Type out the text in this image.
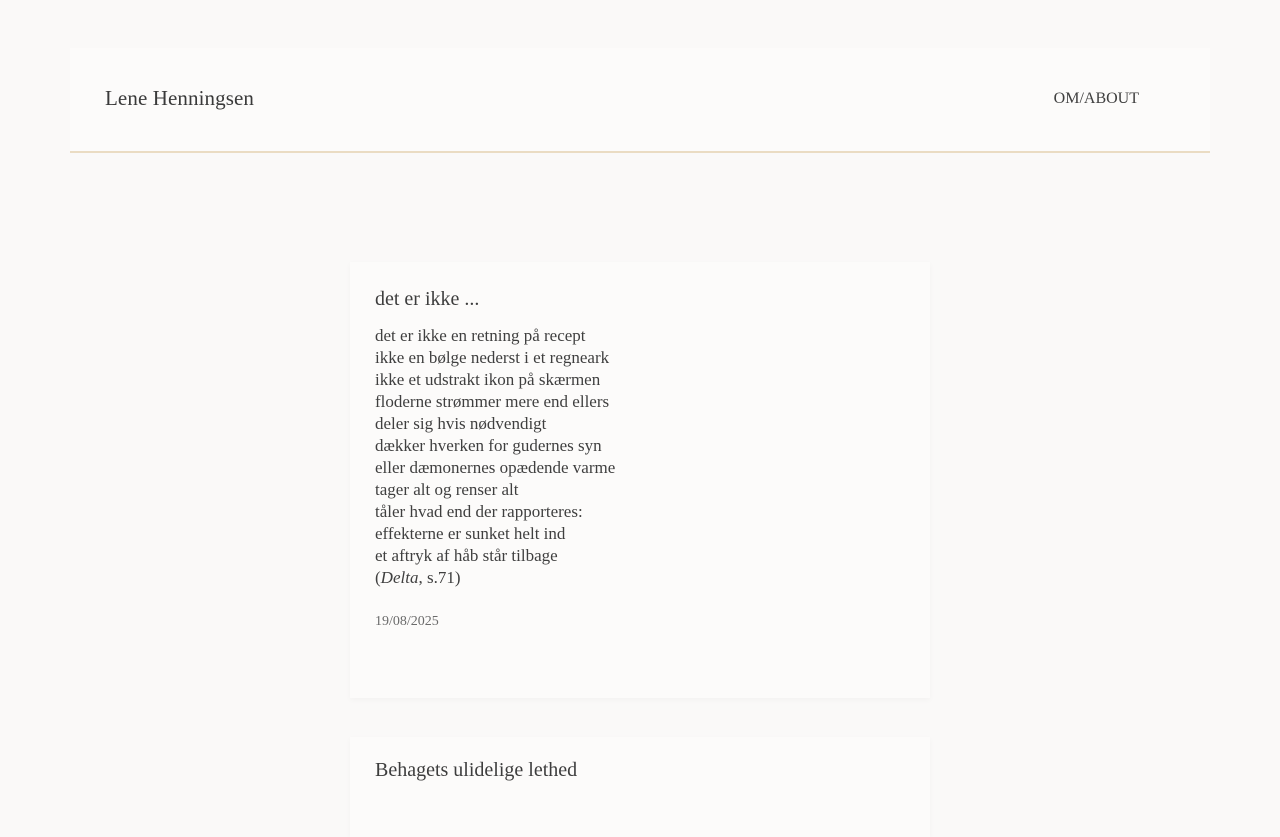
Lene Henningsen	OM/ABOUT
det er ikke ...
det er ikke en retning på recept
ikke en bølge nederst i et regneark
ikke et udstrakt ikon på skærmen
floderne strømmer mere end ellers
deler sig hvis nødvendigt
dækker hverken for gudernes syn
eller dæmonernes opædende varme
tager alt og renser alt
tåler hvad end der rapporteres:
effekterne er sunket helt ind
et aftryk af håb står tilbage
(Delta, s.71)
19/08/2025
Behagets ulidelige lethed
